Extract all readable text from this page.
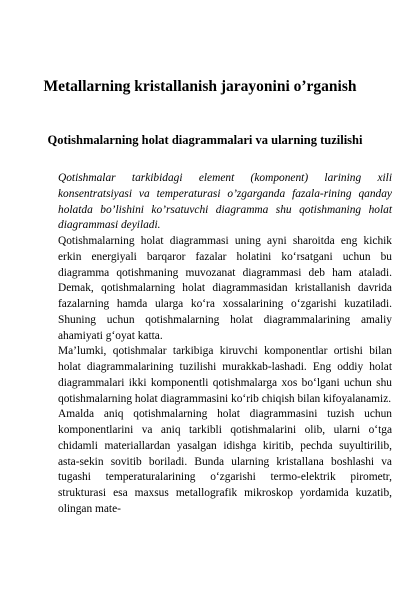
Metallarning kristallanish jarayonini o’rganish
Qotishmalarning holat diagrammalari va ularning tuzilishi

Qotishmalar tarkibidagi element (komponent) larining xili konsentratsiyasi va temperaturasi o’zgarganda fazala-rining qanday holatda bo’lishini ko’rsatuvchi diagramma shu qotishmaning holat diagrammasi deyiladi.

Qotishmalarning holat diagrammasi uning ayni sharoitda eng kichik erkin energiyali barqaror fazalar holatini ko‘rsatgani uchun bu diagramma qotishmaning muvozanat diagrammasi deb ham ataladi. Demak, qotishmalarning holat diagrammasidan kristallanish davrida fazalarning hamda ularga ko‘ra xossalarining o‘zgarishi kuzatiladi. Shuning uchun qotishmalarning holat diagrammalarining amaliy ahamiyati g‘oyat katta.

Ma’lumki, qotishmalar tarkibiga kiruvchi komponentlar ortishi bilan holat diagrammalarining tuzilishi murakkab-lashadi. Eng oddiy holat diagrammalari ikki komponentli qotishmalarga xos bo‘lgani uchun shu qotishmalarning holat diagrammasini ko‘rib chiqish bilan kifoyalanamiz.

Amalda aniq qotishmalarning holat diagrammasini tuzish uchun komponentlarini va aniq tarkibli qotishmalarini olib, ularni o‘tga chidamli materiallardan yasalgan idishga kiritib, pechda suyultirilib, asta-sekin sovitib boriladi. Bunda ularning kristallana boshlashi va tugashi temperaturalarining o‘zgarishi termo-elektrik pirometr, strukturasi esa maxsus metallografik mikroskop yordamida kuzatib, olingan mate-
